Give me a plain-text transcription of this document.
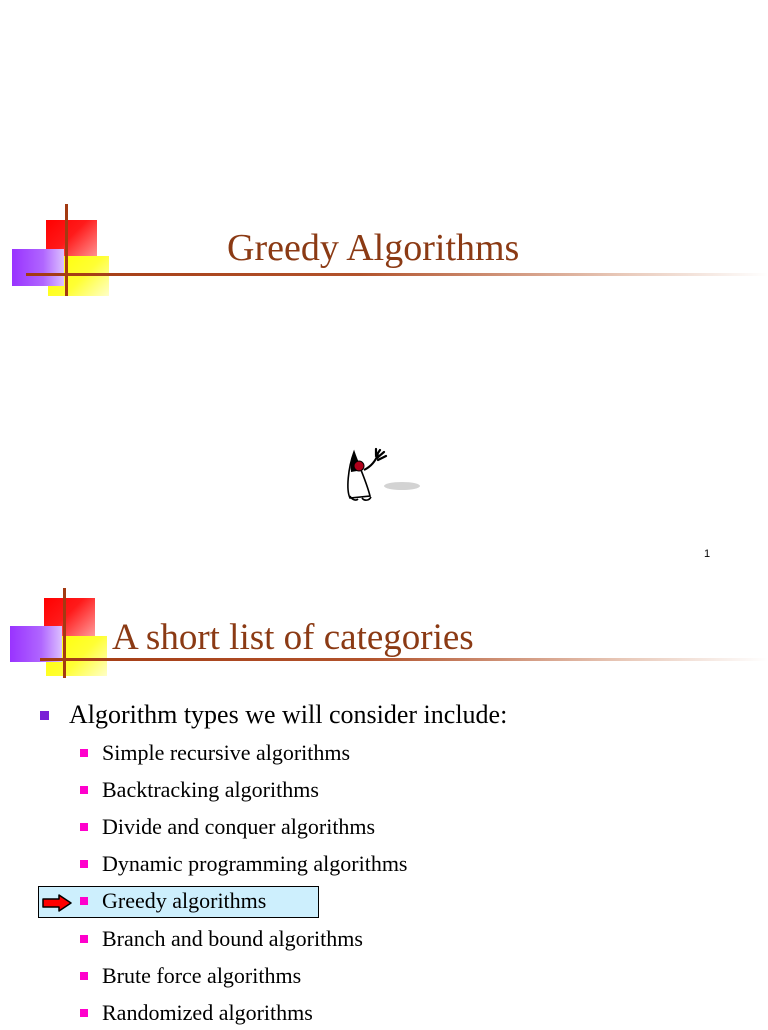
Greedy Algorithms
1
A short list of categories
Algorithm types we will consider include:
Simple recursive algorithms
Backtracking algorithms
Divide and conquer algorithms
Dynamic programming algorithms
Greedy algorithms
Branch and bound algorithms
Brute force algorithms
Randomized algorithms
